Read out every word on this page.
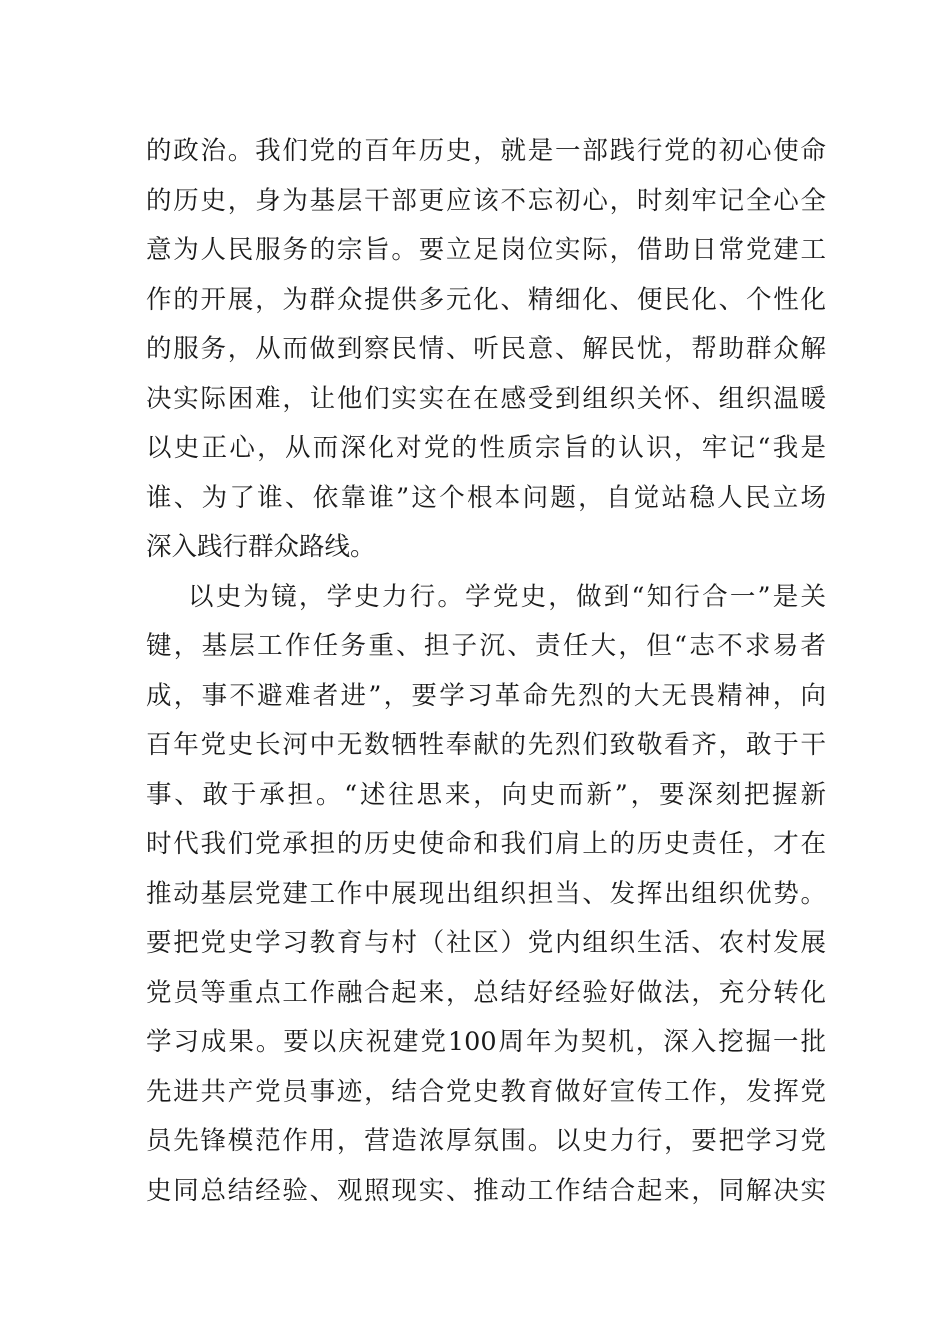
的政治。我们党的百年历史，就是一部践行党的初心使命
的历史，身为基层干部更应该不忘初心，时刻牢记全心全
意为人民服务的宗旨。要立足岗位实际，借助日常党建工
作的开展，为群众提供多元化、精细化、便民化、个性化
的服务，从而做到察民情、听民意、解民忧，帮助群众解
决实际困难，让他们实实在在感受到组织关怀、组织温暖
以史正心，从而深化对党的性质宗旨的认识，牢记“我是
谁、为了谁、依靠谁”这个根本问题，自觉站稳人民立场
深入践行群众路线。
以史为镜，学史力行。学党史，做到“知行合一”是关
键，基层工作任务重、担子沉、责任大，但“志不求易者
成，事不避难者进”，要学习革命先烈的大无畏精神，向
百年党史长河中无数牺牲奉献的先烈们致敬看齐，敢于干
事、敢于承担。“述往思来，向史而新”，要深刻把握新
时代我们党承担的历史使命和我们肩上的历史责任，才在
推动基层党建工作中展现出组织担当、发挥出组织优势。
要把党史学习教育与村（社区）党内组织生活、农村发展
党员等重点工作融合起来，总结好经验好做法，充分转化
学习成果。要以庆祝建党100周年为契机，深入挖掘一批
先进共产党员事迹，结合党史教育做好宣传工作，发挥党
员先锋模范作用，营造浓厚氛围。以史力行，要把学习党
史同总结经验、观照现实、推动工作结合起来，同解决实
